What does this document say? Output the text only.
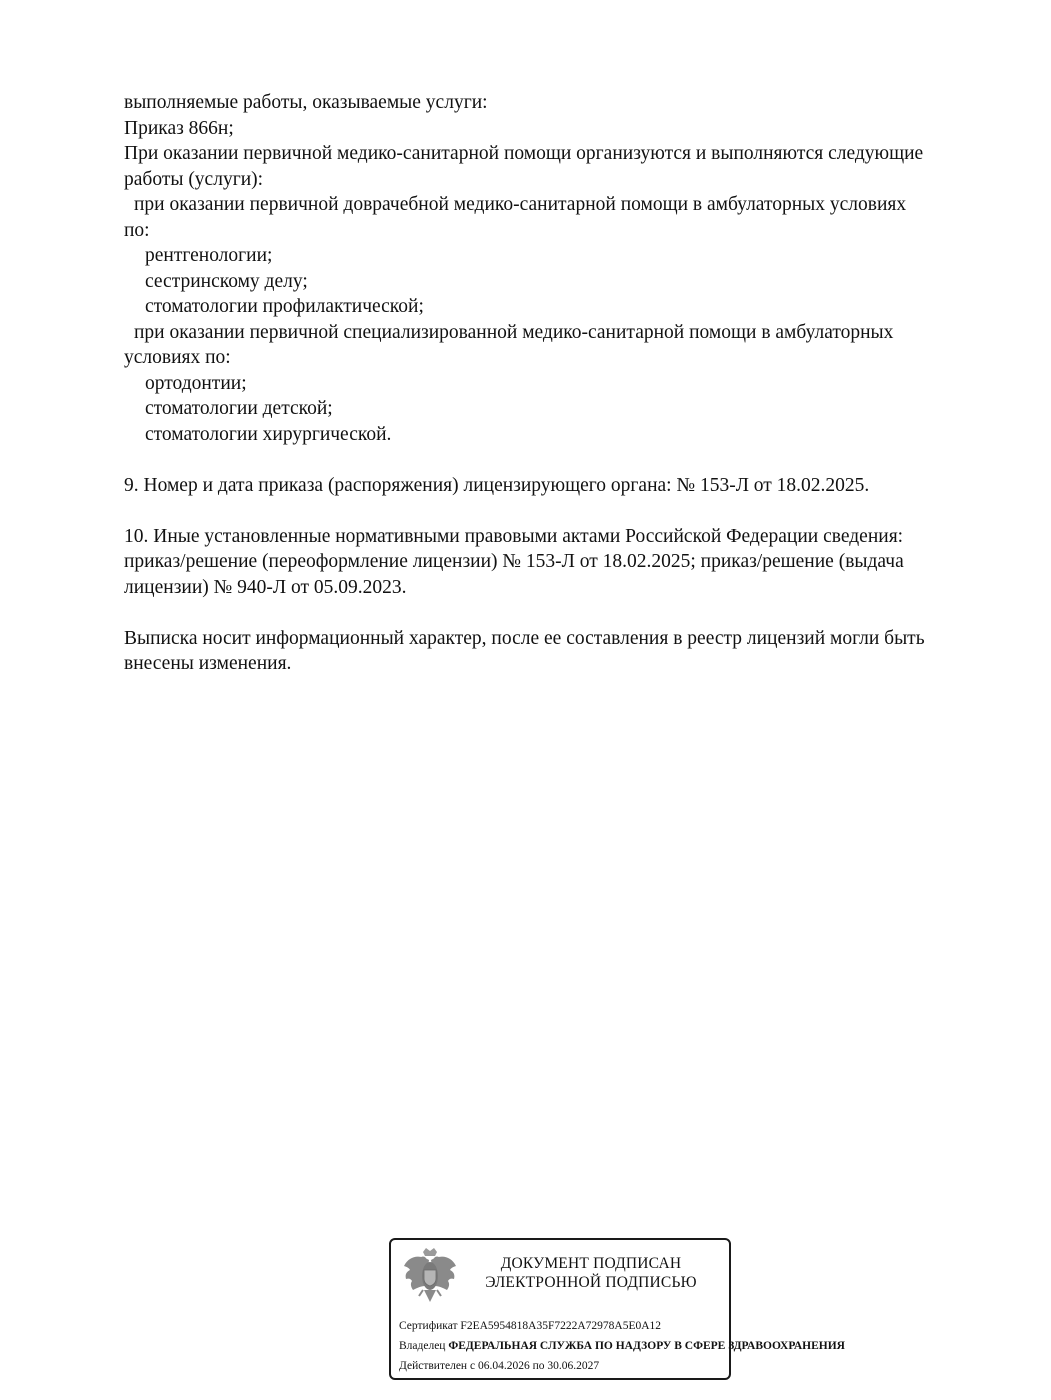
выполняемые работы, оказываемые услуги:
Приказ 866н;
При оказании первичной медико-санитарной помощи организуются и выполняются следующие
работы (услуги):
при оказании первичной доврачебной медико-санитарной помощи в амбулаторных условиях
по:
рентгенологии;
сестринскому делу;
стоматологии профилактической;
при оказании первичной специализированной медико-санитарной помощи в амбулаторных
условиях по:
ортодонтии;
стоматологии детской;
стоматологии хирургической.
9. Номер и дата приказа (распоряжения) лицензирующего органа: № 153-Л от 18.02.2025.
10. Иные установленные нормативными правовыми актами Российской Федерации сведения:
приказ/решение (переоформление лицензии) № 153-Л от 18.02.2025; приказ/решение (выдача
лицензии) № 940-Л от 05.09.2023.
Выписка носит информационный характер, после ее составления в реестр лицензий могли быть
внесены изменения.
ДОКУМЕНТ ПОДПИСАН
ЭЛЕКТРОННОЙ ПОДПИСЬЮ
Сертификат F2EA5954818A35F7222A72978A5E0A12
Владелец ФЕДЕРАЛЬНАЯ СЛУЖБА ПО НАДЗОРУ В СФЕРЕ ЗДРАВООХРАНЕНИЯ
Действителен с 06.04.2026 по 30.06.2027
